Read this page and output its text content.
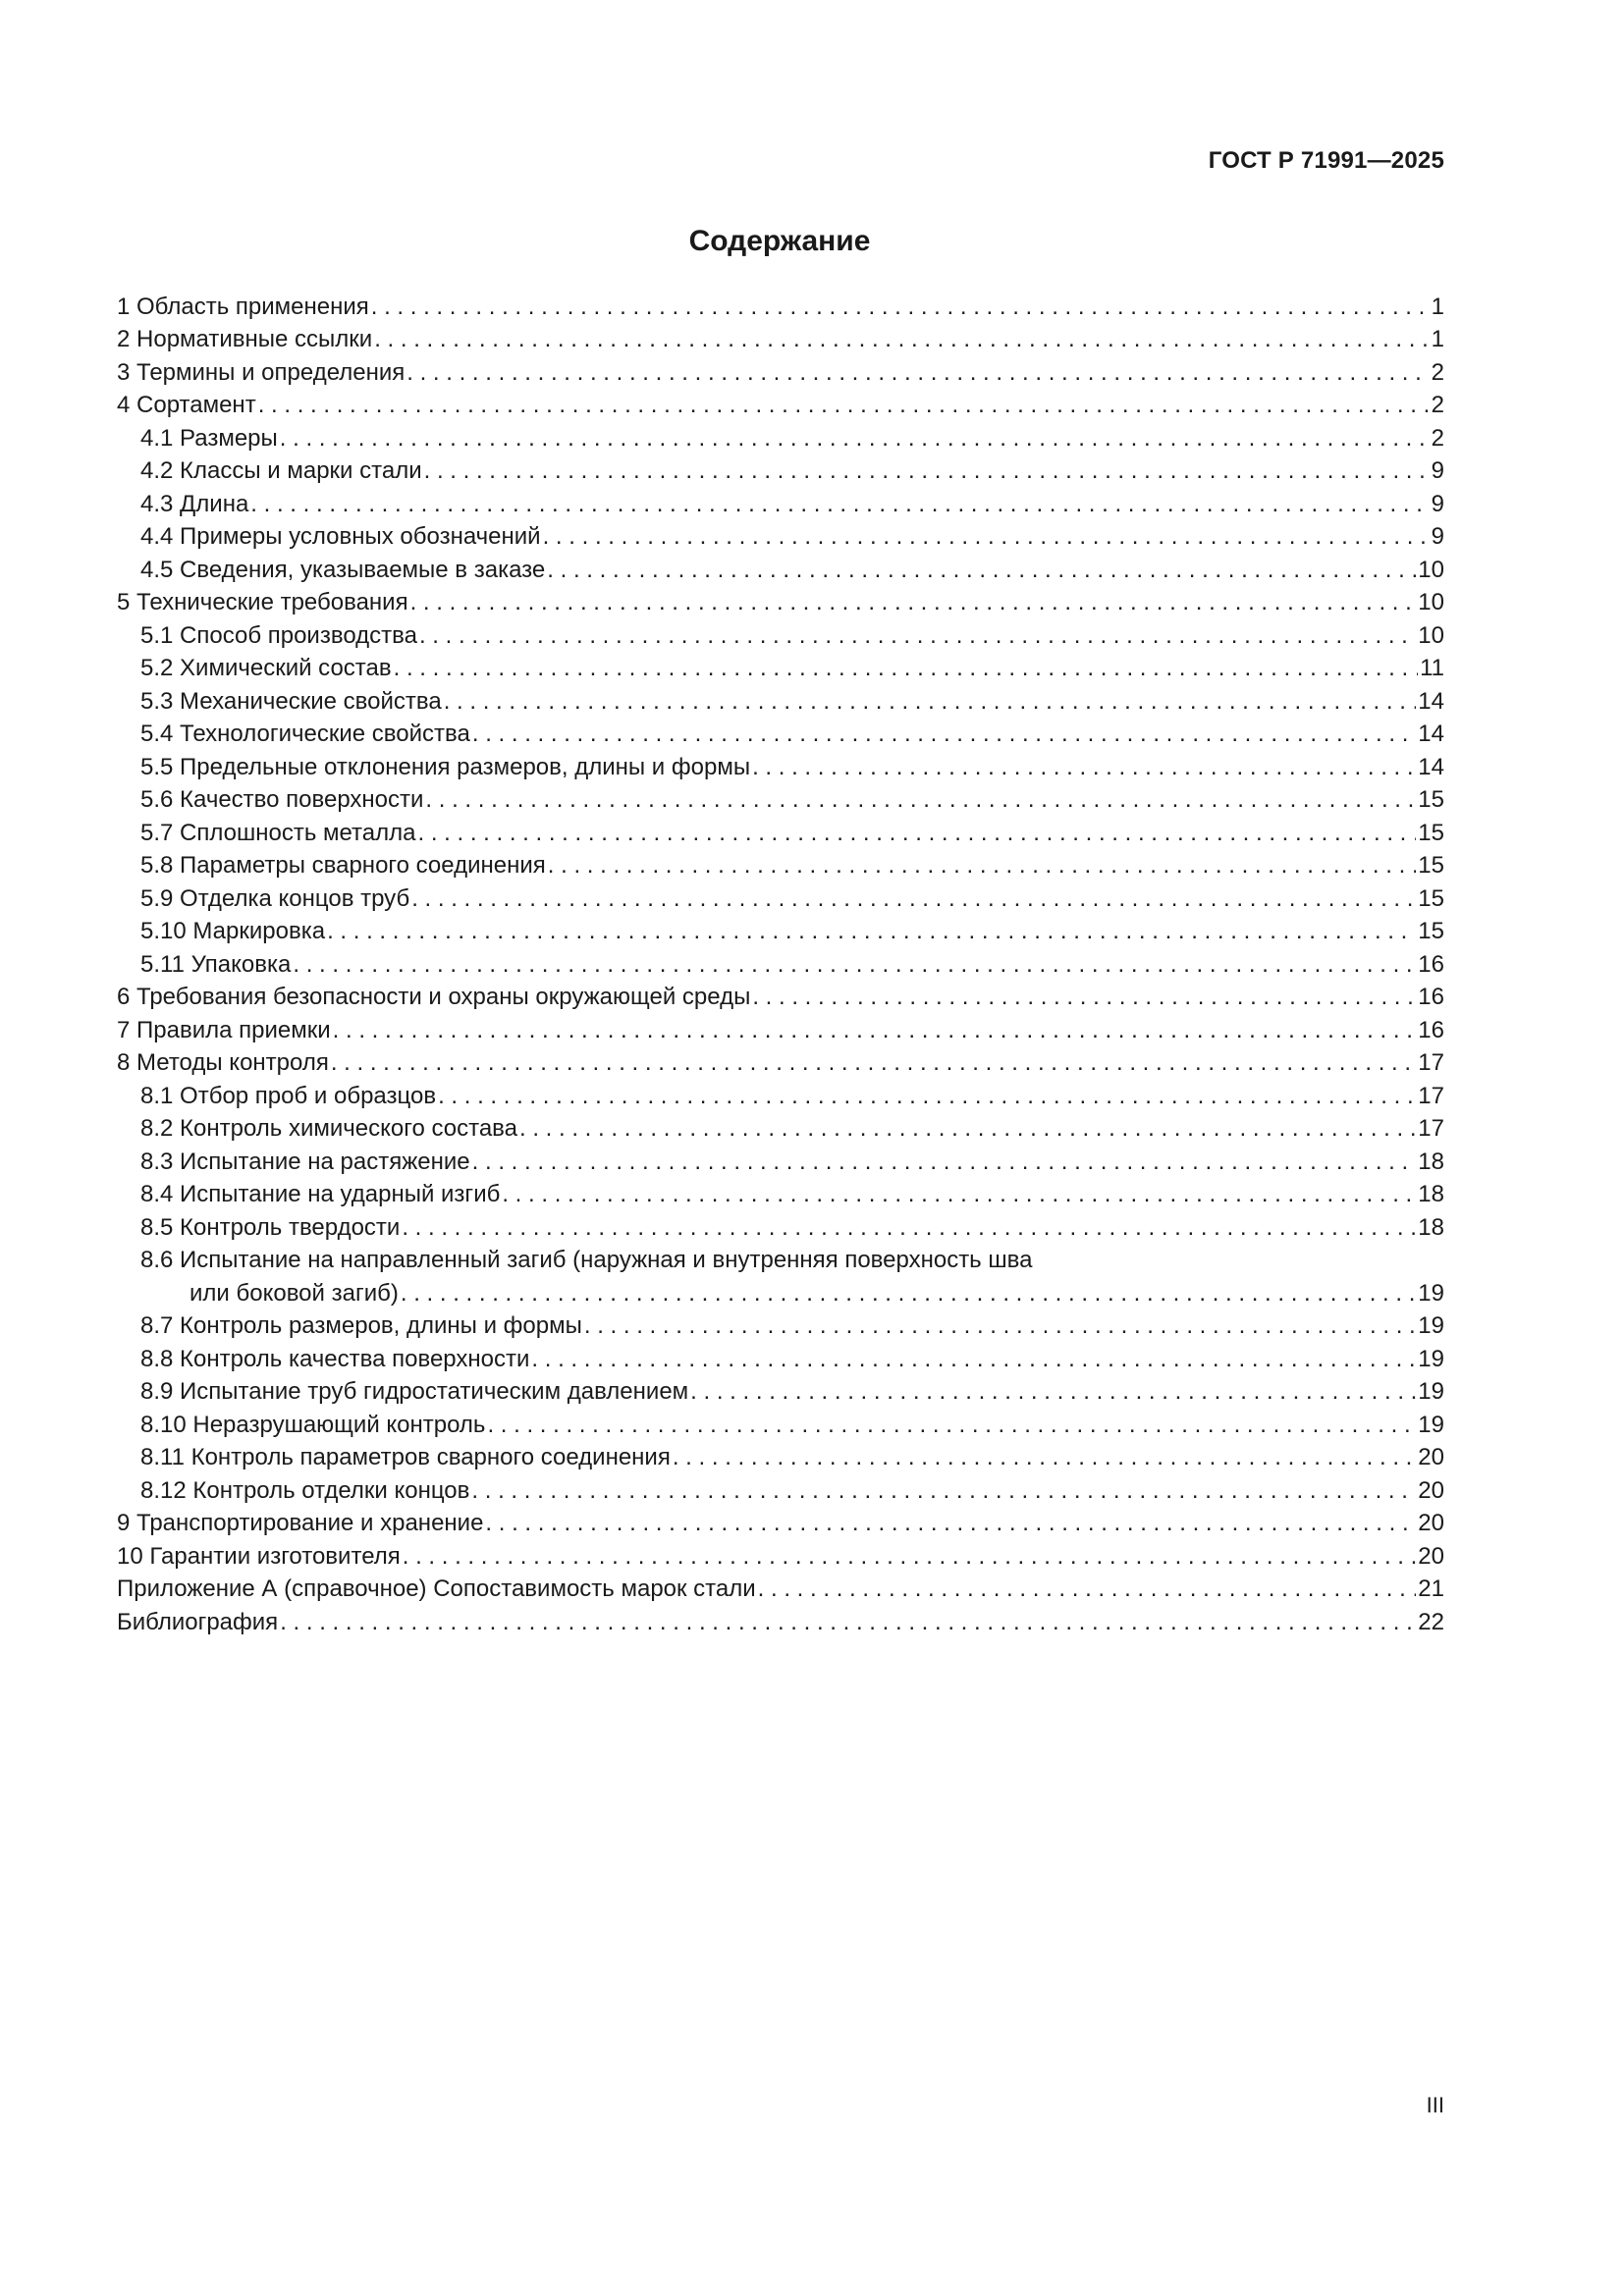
ГОСТ Р 71991—2025
Содержание
1 Область применения . . .	1
2 Нормативные ссылки . . .	1
3 Термины и определения . . .	2
4 Сортамент . . .	2
4.1 Размеры . . .	2
4.2 Классы и марки стали . . .	9
4.3 Длина . . .	9
4.4 Примеры условных обозначений . . .	9
4.5 Сведения, указываемые в заказе . . .	10
5 Технические требования . . .	10
5.1 Способ производства . . .	10
5.2 Химический состав . . .	11
5.3 Механические свойства . . .	14
5.4 Технологические свойства . . .	14
5.5 Предельные отклонения размеров, длины и формы . . .	14
5.6 Качество поверхности . . .	15
5.7 Сплошность металла . . .	15
5.8 Параметры сварного соединения . . .	15
5.9 Отделка концов труб . . .	15
5.10 Маркировка . . .	15
5.11 Упаковка . . .	16
6 Требования безопасности и охраны окружающей среды . . .	16
7 Правила приемки . . .	16
8 Методы контроля . . .	17
8.1 Отбор проб и образцов . . .	17
8.2 Контроль химического состава . . .	17
8.3 Испытание на растяжение . . .	18
8.4 Испытание на ударный изгиб . . .	18
8.5 Контроль твердости . . .	18
8.6 Испытание на направленный загиб (наружная и внутренняя поверхность шва
или боковой загиб) . . .	19
8.7 Контроль размеров, длины и формы . . .	19
8.8 Контроль качества поверхности . . .	19
8.9 Испытание труб гидростатическим давлением . . .	19
8.10 Неразрушающий контроль . . .	19
8.11 Контроль параметров сварного соединения . . .	20
8.12 Контроль отделки концов . . .	20
9 Транспортирование и хранение . . .	20
10 Гарантии изготовителя . . .	20
Приложение А (справочное) Сопоставимость марок стали . . .	21
Библиография . . .	22
III
